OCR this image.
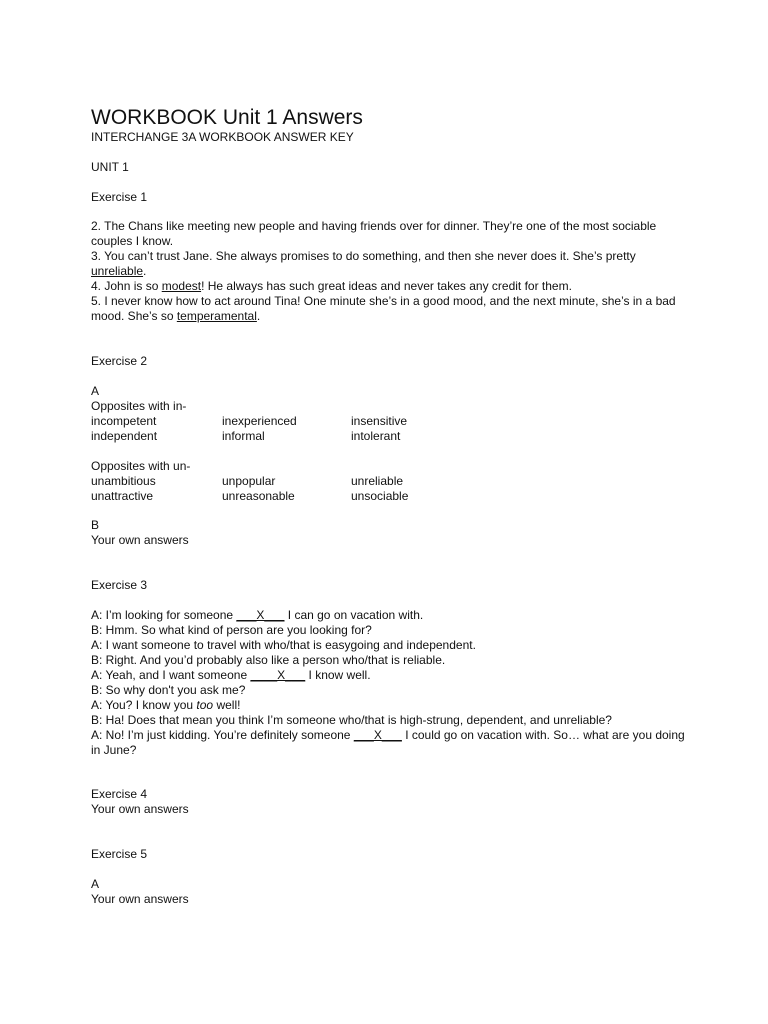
WORKBOOK Unit 1 Answers
INTERCHANGE 3A WORKBOOK ANSWER KEY
UNIT 1
Exercise 1
2. The Chans like meeting new people and having friends over for dinner. They’re one of the most sociable couples I know.
3. You can’t trust Jane. She always promises to do something, and then she never does it. She’s pretty unreliable.
4. John is so modest! He always has such great ideas and never takes any credit for them.
5. I never know how to act around Tina! One minute she’s in a good mood, and the next minute, she’s in a bad mood. She’s so temperamental.
Exercise 2
A
Opposites with in-
incompetent	inexperienced	insensitive
independent	informal	intolerant
Opposites with un-
unambitious	unpopular	unreliable
unattractive	unreasonable	unsociable
B
Your own answers
Exercise 3
A: I’m looking for someone ___X___ I can go on vacation with.
B: Hmm. So what kind of person are you looking for?
A: I want someone to travel with who/that is easygoing and independent.
B: Right. And you’d probably also like a person who/that is reliable.
A: Yeah, and I want someone ____X___ I know well.
B: So why don't you ask me?
A: You? I know you too well!
B: Ha! Does that mean you think I’m someone who/that is high-strung, dependent, and unreliable?
A: No! I’m just kidding. You’re definitely someone ___X___ I could go on vacation with. So… what are you doing in June?
Exercise 4
Your own answers
Exercise 5
A
Your own answers
